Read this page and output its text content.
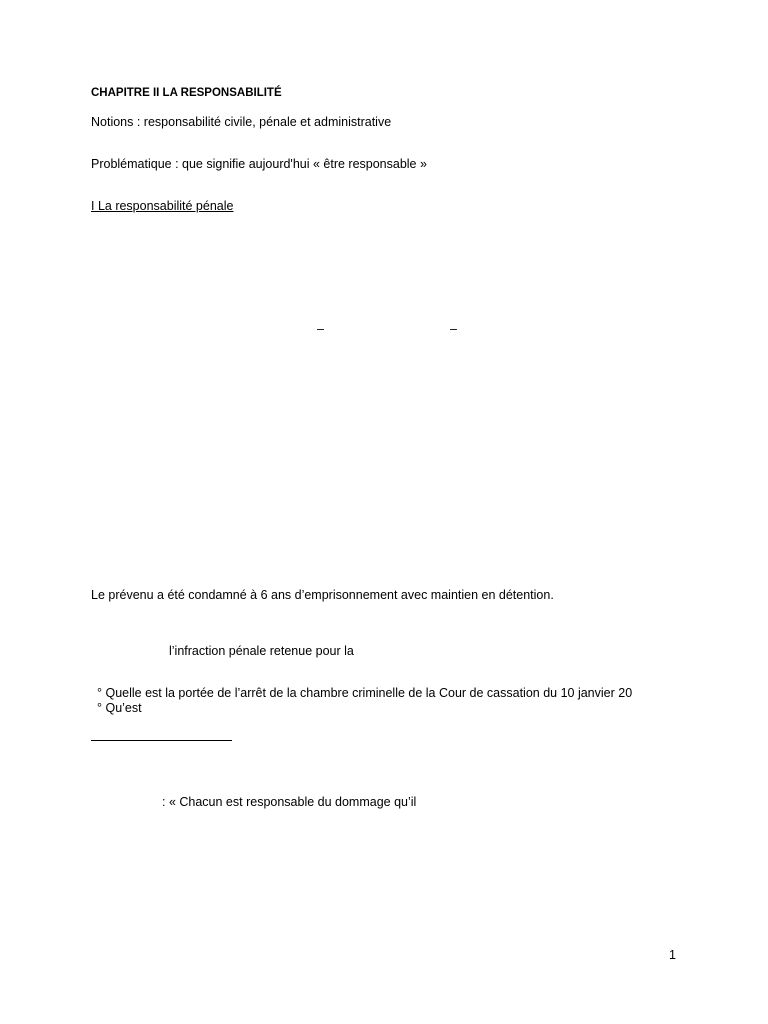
CHAPITRE II LA RESPONSABILITÉ
Notions : responsabilité civile, pénale et administrative
Problématique : que signifie aujourd'hui « être responsable »
I La responsabilité pénale
–	–
Le prévenu a été condamné à 6 ans d’emprisonnement avec maintien en détention.
l’infraction pénale retenue pour la
° Quelle est la portée de l’arrêt de la chambre criminelle de la Cour de cassation du 10 janvier 20
° Qu’est
: « Chacun est responsable du dommage qu’il
1
